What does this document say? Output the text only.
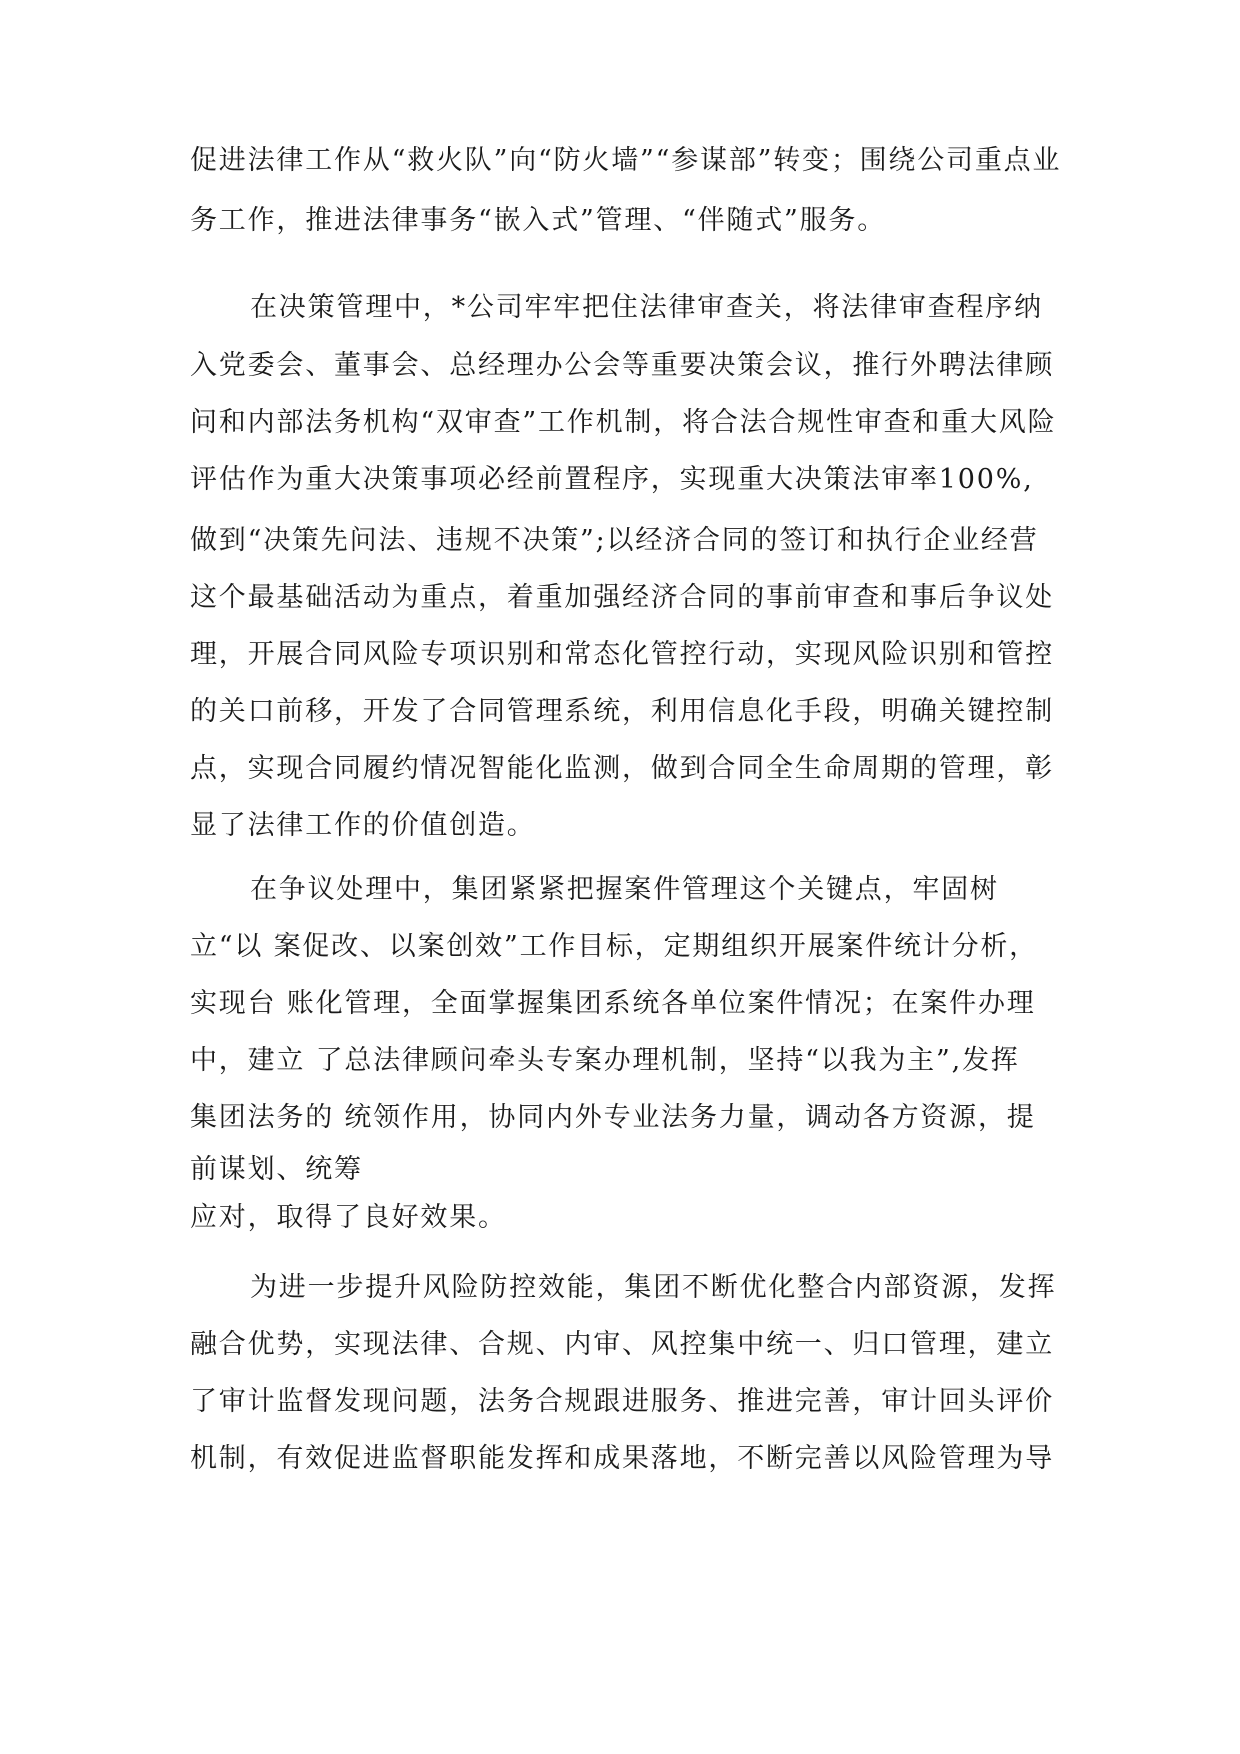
促进法律工作从“救火队”向“防火墙”“参谋部”转变；围绕公司重点业
务工作，推进法律事务“嵌入式”管理、“伴随式”服务。
在决策管理中，*公司牢牢把住法律审查关，将法律审查程序纳
入党委会、董事会、总经理办公会等重要决策会议，推行外聘法律顾
问和内部法务机构“双审查”工作机制，将合法合规性审查和重大风险
评估作为重大决策事项必经前置程序，实现重大决策法审率100%,
做到“决策先问法、违规不决策”;以经济合同的签订和执行企业经营
这个最基础活动为重点，着重加强经济合同的事前审查和事后争议处
理，开展合同风险专项识别和常态化管控行动，实现风险识别和管控
的关口前移，开发了合同管理系统，利用信息化手段，明确关键控制
点，实现合同履约情况智能化监测，做到合同全生命周期的管理，彰
显了法律工作的价值创造。
在争议处理中，集团紧紧把握案件管理这个关键点，牢固树
立“以 案促改、以案创效”工作目标，定期组织开展案件统计分析，
实现台 账化管理，全面掌握集团系统各单位案件情况；在案件办理
中，建立 了总法律顾问牵头专案办理机制，坚持“以我为主”,发挥
集团法务的 统领作用，协同内外专业法务力量，调动各方资源，提
前谋划、统筹
应对，取得了良好效果。
为进一步提升风险防控效能，集团不断优化整合内部资源，发挥
融合优势，实现法律、合规、内审、风控集中统一、归口管理，建立
了审计监督发现问题，法务合规跟进服务、推进完善，审计回头评价
机制，有效促进监督职能发挥和成果落地，不断完善以风险管理为导
